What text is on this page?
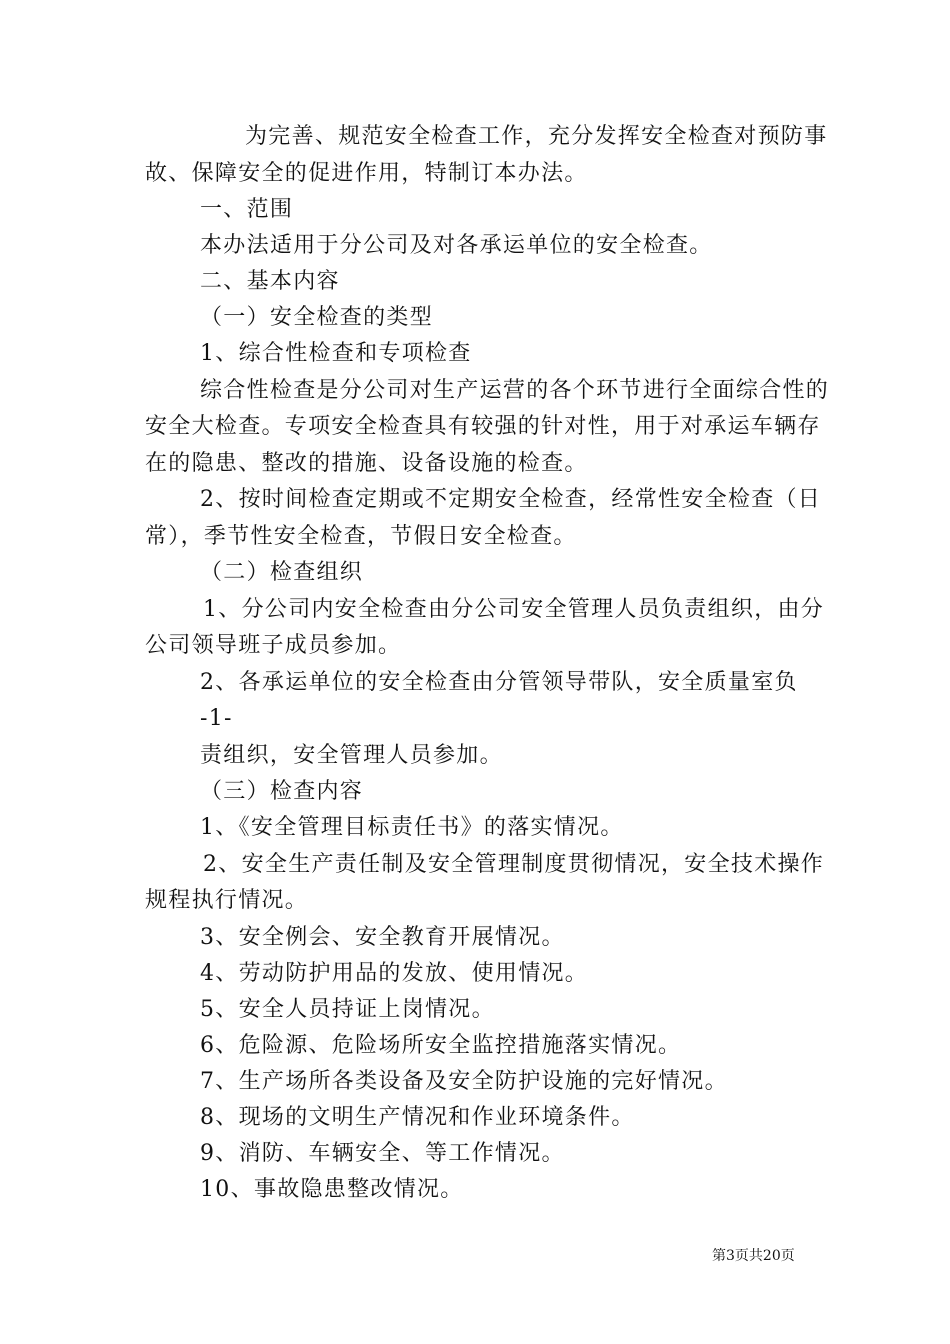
为完善、规范安全检查工作，充分发挥安全检查对预防事
故、保障安全的促进作用，特制订本办法。
一、范围
本办法适用于分公司及对各承运单位的安全检查。
二、基本内容
（一）安全检查的类型
1、综合性检查和专项检查
综合性检查是分公司对生产运营的各个环节进行全面综合性的
安全大检查。专项安全检查具有较强的针对性，用于对承运车辆存
在的隐患、整改的措施、设备设施的检查。
2、按时间检查定期或不定期安全检查，经常性安全检查（日
常），季节性安全检查，节假日安全检查。
（二）检查组织
1、分公司内安全检查由分公司安全管理人员负责组织，由分
公司领导班子成员参加。
2、各承运单位的安全检查由分管领导带队，安全质量室负
-1-
责组织，安全管理人员参加。
（三）检查内容
1、《安全管理目标责任书》的落实情况。
2、安全生产责任制及安全管理制度贯彻情况，安全技术操作
规程执行情况。
3、安全例会、安全教育开展情况。
4、劳动防护用品的发放、使用情况。
5、安全人员持证上岗情况。
6、危险源、危险场所安全监控措施落实情况。
7、生产场所各类设备及安全防护设施的完好情况。
8、现场的文明生产情况和作业环境条件。
9、消防、车辆安全、等工作情况。
10、事故隐患整改情况。
第3页共20页
